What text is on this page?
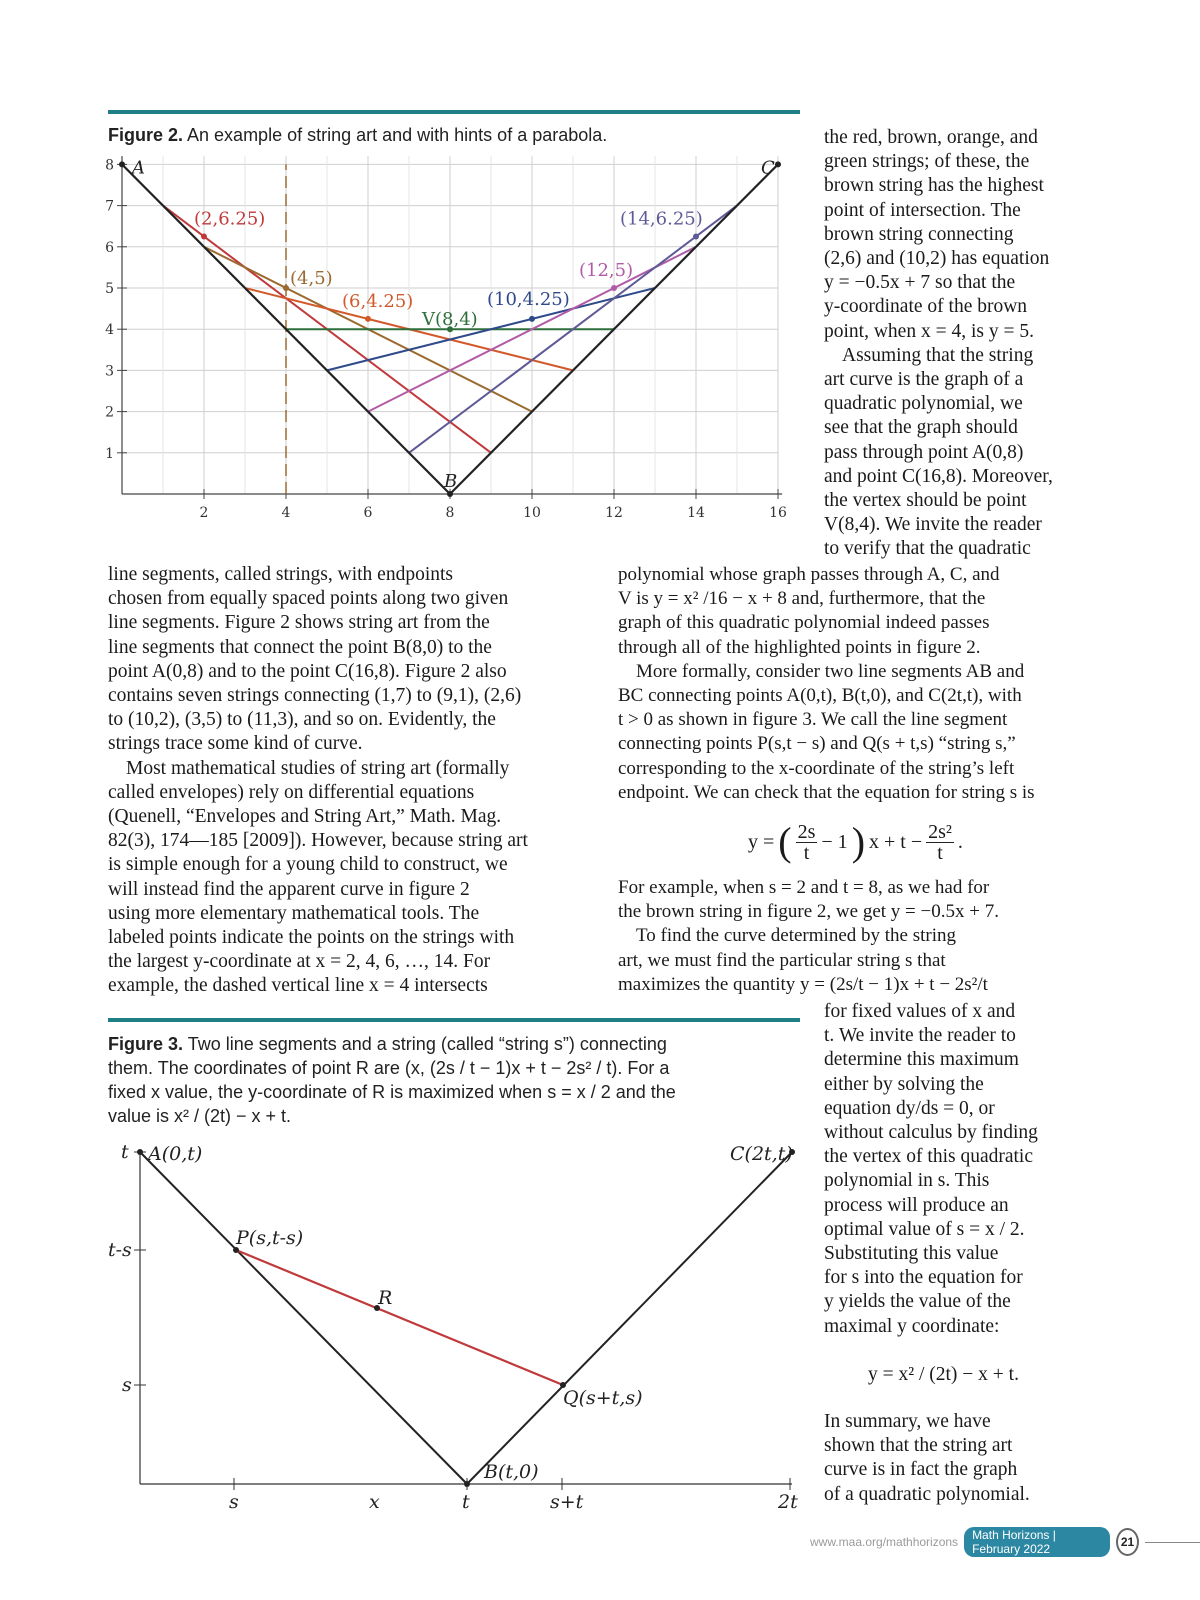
Figure 2. An example of string art and with hints of a parabola.
2	4	6	8	10	12	14	16
1
2
3
4
5
6
7
8
(2,6.25)
(4,5)
(6,4.25)
V(8,4)
(10,4.25)
(12,5)
(14,6.25)
A	C
B

the red, brown, orange, and

green strings; of these, the

brown string has the highest

point of intersection. The

brown string connecting

(2,6) and (10,2) has equation

y = −0.5x + 7 so that the

y-coordinate of the brown

point, when x = 4, is y = 5.

Assuming that the string

art curve is the graph of a

quadratic polynomial, we

see that the graph should

pass through point A(0,8)

and point C(16,8). Moreover,

the vertex should be point

V(8,4). We invite the reader

to verify that the quadratic

line segments, called strings, with endpoints

chosen from equally spaced points along two given

line segments. Figure 2 shows string art from the

line segments that connect the point B(8,0) to the

point A(0,8) and to the point C(16,8). Figure 2 also

contains seven strings connecting (1,7) to (9,1), (2,6)

to (10,2), (3,5) to (11,3), and so on. Evidently, the

strings trace some kind of curve.

Most mathematical studies of string art (formally

called envelopes) rely on differential equations

(Quenell, “Envelopes and String Art,” Math. Mag.

82(3), 174—185 [2009]). However, because string art

is simple enough for a young child to construct, we

will instead find the apparent curve in figure 2

using more elementary mathematical tools. The

labeled points indicate the points on the strings with

the largest y-coordinate at x = 2, 4, 6, …, 14. For

example, the dashed vertical line x = 4 intersects

polynomial whose graph passes through A, C, and

V is y = x² /16 − x + 8 and, furthermore, that the

graph of this quadratic polynomial indeed passes

through all of the highlighted points in figure 2.

More formally, consider two line segments AB and

BC connecting points A(0,t), B(t,0), and C(2t,t), with

t > 0 as shown in figure 3. We call the line segment

connecting points P(s,t − s) and Q(s + t,s) “string s,”

corresponding to the x-coordinate of the string’s left

endpoint. We can check that the equation for string s is

y = ( 2s
t − 1 ) $x + t - \frac{\text{2s²}}{t}$ .

For example, when s = 2 and t = 8, as we had for

the brown string in figure 2, we get y = −0.5x + 7.

To find the curve determined by the string

art, we must find the particular string s that

maximizes the quantity y = (2s/t − 1)x + t − 2s²/t

for fixed values of x and

t. We invite the reader to

determine this maximum

either by solving the

equation dy/ds = 0, or

without calculus by finding

the vertex of this quadratic

polynomial in s. This

process will produce an

optimal value of s = x / 2.

Substituting this value

for s into the equation for

y yields the value of the

maximal y coordinate:

y = x² / (2t) − x + t.

In summary, we have

shown that the string art

curve is in fact the graph

of a quadratic polynomial.

Figure 3. Two line segments and a string (called “string s”) connecting
them. The coordinates of point R are (x, (2s / t − 1)x + t − 2s² / t). For a
fixed x value, the y-coordinate of R is maximized when s = x / 2 and the
value is x² / (2t) − x + t.
A(0,t)	C(2t,t)
P(s,t-s)
R
Q(s+t,s)
B(t,0)
t
t-s
s
s	x	t	s+t	2t
www.maa.org/mathhorizons	Math Horizons | February 2022	21
